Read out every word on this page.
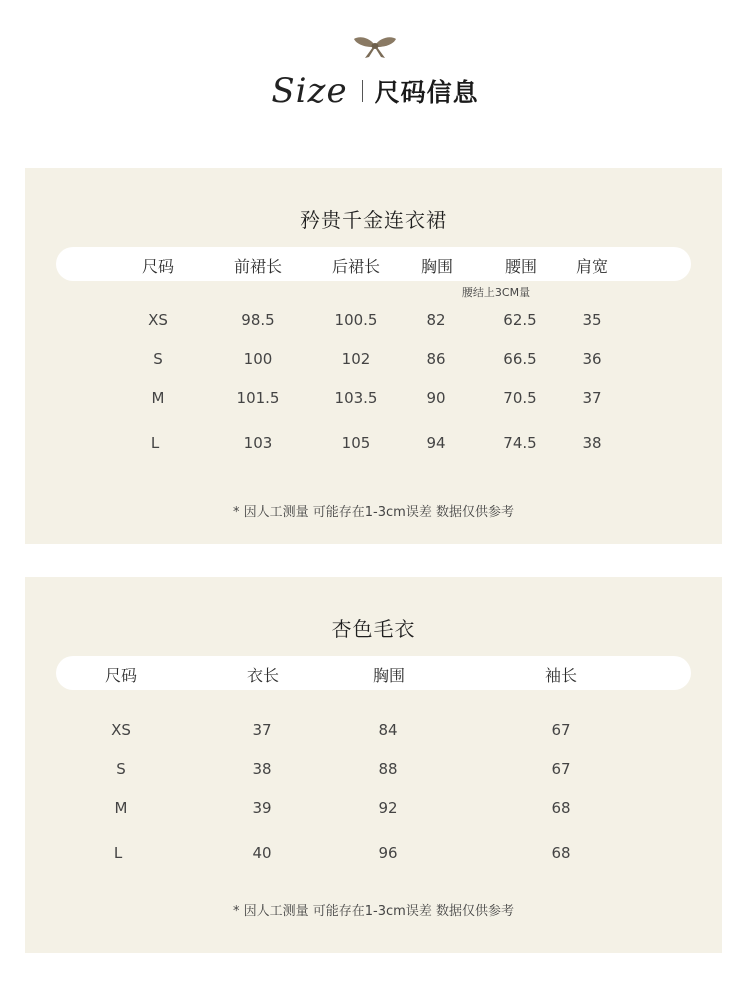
Size 尺码信息
矜贵千金连衣裙
尺码	前裙长	后裙长	胸围	腰围 肩宽
腰结上3CM量
XS	98.5	100.5	82	62.5	35
S	100	102	86	66.5	36
M	101.5	103.5	90	70.5	37
L	103	105	94	74.5	38
* 因人工测量 可能存在1-3cm误差 数据仅供参考
杏色毛衣
尺码	衣长	胸围	袖长
XS	37	84	67
S	38	88	67
M	39	92	68
L	40	96	68
* 因人工测量 可能存在1-3cm误差 数据仅供参考
